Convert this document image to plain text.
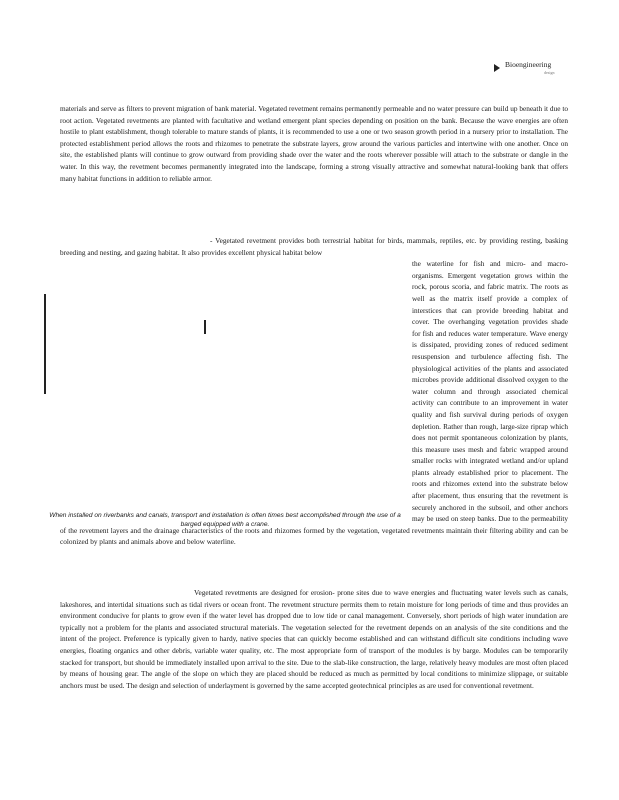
Bioengineering
design

materials and serve as filters to prevent migration of bank material. Vegetated revetment remains permanently permeable and no water pressure can build up beneath it due to root action. Vegetated revetments are planted with facultative and wetland emergent plant species depending on position on the bank. Because the wave energies are often hostile to plant establishment, though tolerable to mature stands of plants, it is recommended to use a one or two season growth period in a nursery prior to installation. The protected establishment period allows the roots and rhizomes to penetrate the substrate layers, grow around the various particles and intertwine with one another. Once on site, the established plants will continue to grow outward from providing shade over the water and the roots wherever possible will attach to the substrate or dangle in the water. In this way, the revetment becomes permanently integrated into the landscape, forming a strong visually attractive and somewhat natural-looking bank that offers many habitat functions in addition to reliable armor.

- Vegetated revetment provides both terrestrial habitat for birds, mammals, reptiles, etc. by providing resting, basking breeding and nesting, and gazing habitat. It also provides excellent physical habitat below
When installed on riverbanks and canals, transport and installation is often times best accomplished through the use of a barged equipped with a crane.
the waterline for fish and micro- and macro-organisms. Emergent vegetation grows within the rock, porous scoria, and fabric matrix. The roots as well as the matrix itself provide a complex of interstices that can provide breeding habitat and cover. The overhanging vegetation provides shade for fish and reduces water temperature. Wave energy is dissipated, providing zones of reduced sediment resuspension and turbulence affecting fish. The physiological activities of the plants and associated microbes provide additional dissolved oxygen to the water column and through associated chemical activity can contribute to an improvement in water quality and fish survival during periods of oxygen depletion. Rather than rough, large-size riprap which does not permit spontaneous colonization by plants, this measure uses mesh and fabric wrapped around smaller rocks with integrated wetland and/or upland plants already established prior to placement. The roots and rhizomes extend into the substrate below after placement, thus ensuring that the revetment is securely anchored in the subsoil, and other anchors may be used on steep banks. Due to the permeability of the revetment layers and the drainage characteristics of the roots and rhizomes formed by the vegetation, vegetated revetments maintain their filtering ability and can be colonized by plants and animals above and below waterline.

Vegetated revetments are designed for erosion- prone sites due to wave energies and fluctuating water levels such as canals, lakeshores, and intertidal situations such as tidal rivers or ocean front. The revetment structure permits them to retain moisture for long periods of time and thus provides an environment conducive for plants to grow even if the water level has dropped due to low tide or canal management. Conversely, short periods of high water inundation are typically not a problem for the plants and associated structural materials. The vegetation selected for the revetment depends on an analysis of the site conditions and the intent of the project. Preference is typically given to hardy, native species that can quickly become established and can withstand difficult site conditions including wave energies, floating organics and other debris, variable water quality, etc. The most appropriate form of transport of the modules is by barge. Modules can be temporarily stacked for transport, but should be immediately installed upon arrival to the site. Due to the slab-like construction, the large, relatively heavy modules are most often placed by means of housing gear. The angle of the slope on which they are placed should be reduced as much as permitted by local conditions to minimize slippage, or suitable anchors must be used. The design and selection of underlayment is governed by the same accepted geotechnical principles as are used for conventional revetment.
